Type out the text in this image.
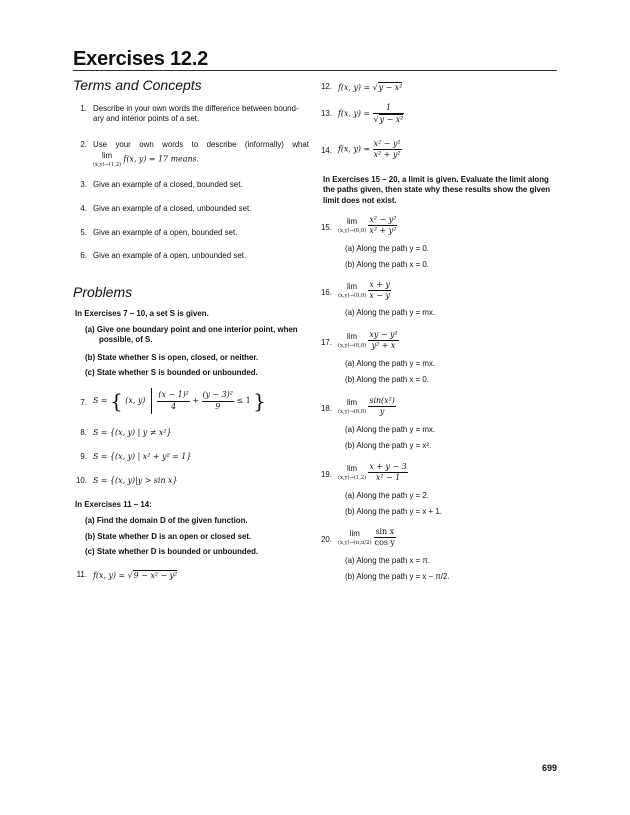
Exercises 12.2
Terms and Concepts
1. Describe in your own words the difference between bound-
ary and interior points of a set.
2. Use your own words to describe (informally) what
lim
(x,y)→(1,2)
f(x, y) = 17 means.
3. Give an example of a closed, bounded set.
4. Give an example of a closed, unbounded set.
5. Give an example of a open, bounded set.
6. Give an example of a open, unbounded set.
Problems
In Exercises 7 – 10, a set S is given.
(a) Give one boundary point and one interior point, when
possible, of S.
(b) State whether S is open, closed, or neither.
(c) State whether S is bounded or unbounded.
7. S = { (x, $y) \frac{\text{(x − 1)²}}{4} + \frac{\text{(y − 3)²}}{9} \le 1$ }
8. S = {(x, y) | y ≠ x²}
9. S = {(x, y) | x² + y² = 1}
10. S = {(x, y)|y > sin x}
In Exercises 11 – 14:
(a) Find the domain D of the given function.
(b) State whether D is an open or closed set.
(c) State whether D is bounded or unbounded.
11. f(x, y) = √9 − x² − y²
12. f(x, y) = √y − x²
13. f(x, $y) = \frac{1}{\text{√y − x²}}$
14. f(x, $y) = \frac{\text{x² − y²}}{\text{x² + y²}}$
In Exercises 15 – 20, a limit is given. Evaluate the limit along
the paths given, then state why these results show the given
limit does not exist.
15.
lim
(x,y)→(0,0)
$\frac{\text{x² − y²}}{\text{x² + y²}}$
(a) Along the path y = 0.
(b) Along the path x = 0.
16.
lim
(x,y)→(0,0)
$\frac{x + y}{x - y}$
(a) Along the path y = mx.
17.
lim
(x,y)→(0,0)
$\frac{\text{xy − y²}}{\text{y² + x}}$
(a) Along the path y = mx.
(b) Along the path x = 0.
18.
lim
(x,y)→(0,0)
$\frac{\text{sin(x²)}}{y}$
(a) Along the path y = mx.
(b) Along the path y = x².
19.
lim
(x,y)→(1,2)
$\frac{x + y - 3}{\text{x² − 1}}$
(a) Along the path y = 2.
(b) Along the path y = x + 1.
20.
lim
(x,y)→(π,π/2)
$\frac{\text{sin x}}{\text{cos y}}$
(a) Along the path x = π.
(b) Along the path y = x − π/2.
699
